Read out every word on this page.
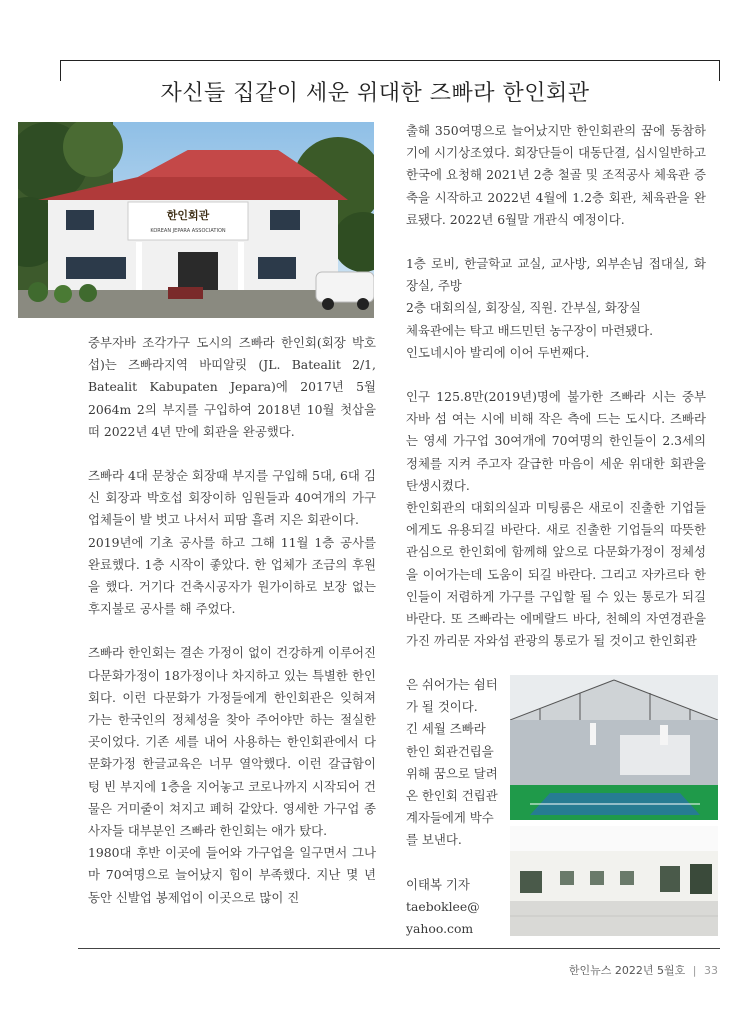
자신들 집같이 세운 위대한 즈빠라 한인회관
한인회관
KOREAN JEPARA ASSOCIATION

중부자바 조각가구 도시의 즈빠라 한인회(회장 박호섭)는 즈빠라지역 바띠알릿 (JL. Batealit 2/1, Batealit Kabupaten Jepara)에 2017년 5월 2064m 2의 부지를 구입하여 2018년 10월 첫삽을 떠 2022년 4년 만에 회관을 완공했다.

즈빠라 4대 문창순 회장때 부지를 구입해 5대, 6대 김신 회장과 박호섭 회장이하 임원들과 40여개의 가구 업체들이 발 벗고 나서서 피땀 흘려 지은 회관이다.

2019년에 기초 공사를 하고 그해 11월 1층 공사를 완료했다. 1층 시작이 좋았다. 한 업체가 조금의 후원을 했다. 거기다 건축시공자가 원가이하로 보장 없는 후지불로 공사를 해 주었다.

즈빠라 한인회는 결손 가정이 없이 건강하게 이루어진 다문화가정이 18가정이나 차지하고 있는 특별한 한인회다. 이런 다문화가 가정들에게 한인회관은 잊혀져 가는 한국인의 정체성을 찾아 주어야만 하는 절실한 곳이었다. 기존 세를 내어 사용하는 한인회관에서 다문화가정 한글교육은 너무 열악했다. 이런 갈급함이 텅 빈 부지에 1층을 지어놓고 코로나까지 시작되어 건물은 거미줄이 쳐지고 폐허 같았다. 영세한 가구업 종사자들 대부분인 즈빠라 한인회는 애가 탔다.

1980대 후반 이곳에 들어와 가구업을 일구면서 그나마 70여명으로 늘어났지 힘이 부족했다. 지난 몇 년 동안 신발업 봉제업이 이곳으로 많이 진

출해 350여명으로 늘어났지만 한인회관의 꿈에 동참하기에 시기상조였다. 회장단들이 대동단결, 십시일반하고 한국에 요청해 2021년 2층 철골 및 조적공사 체육관 증축을 시작하고 2022년 4월에 1.2층 회관, 체육관을 완료됐다. 2022년 6월말 개관식 예정이다.

1층 로비, 한글학교 교실, 교사방, 외부손님 접대실, 화장실, 주방

2층 대회의실, 회장실, 직원. 간부실, 화장실

체육관에는 탁고 배드민턴 농구장이 마련됐다.

인도네시아 발리에 이어 두번째다.

인구 125.8만(2019년)명에 불가한 즈빠라 시는 중부 자바 섬 여는 시에 비해 작은 측에 드는 도시다. 즈빠라는 영세 가구업 30여개에 70여명의 한인들이 2.3세의 정체를 지켜 주고자 갈급한 마음이 세운 위대한 회관을 탄생시켰다.

한인회관의 대회의실과 미팅룸은 새로이 진출한 기업들에게도 유용되길 바란다. 새로 진출한 기업들의 따뜻한 관심으로 한인회에 함께해 앞으로 다문화가정이 정체성을 이어가는데 도움이 되길 바란다. 그리고 자카르타 한인들이 저렴하게 가구를 구입할 될 수 있는 통로가 되길 바란다. 또 즈빠라는 에메랄드 바다, 천혜의 자연경관을 가진 까리문 자와섬 관광의 통로가 될 것이고 한인회관

은 쉬어가는 쉼터가 될 것이다.

긴 세월 즈빠라 한인 회관건립을 위해 꿈으로 달려온 한인회 건립관계자들에게 박수를 보낸다.

이태복 기자

taeboklee@

yahoo.com

한인뉴스 2022년 5월호 | 33
